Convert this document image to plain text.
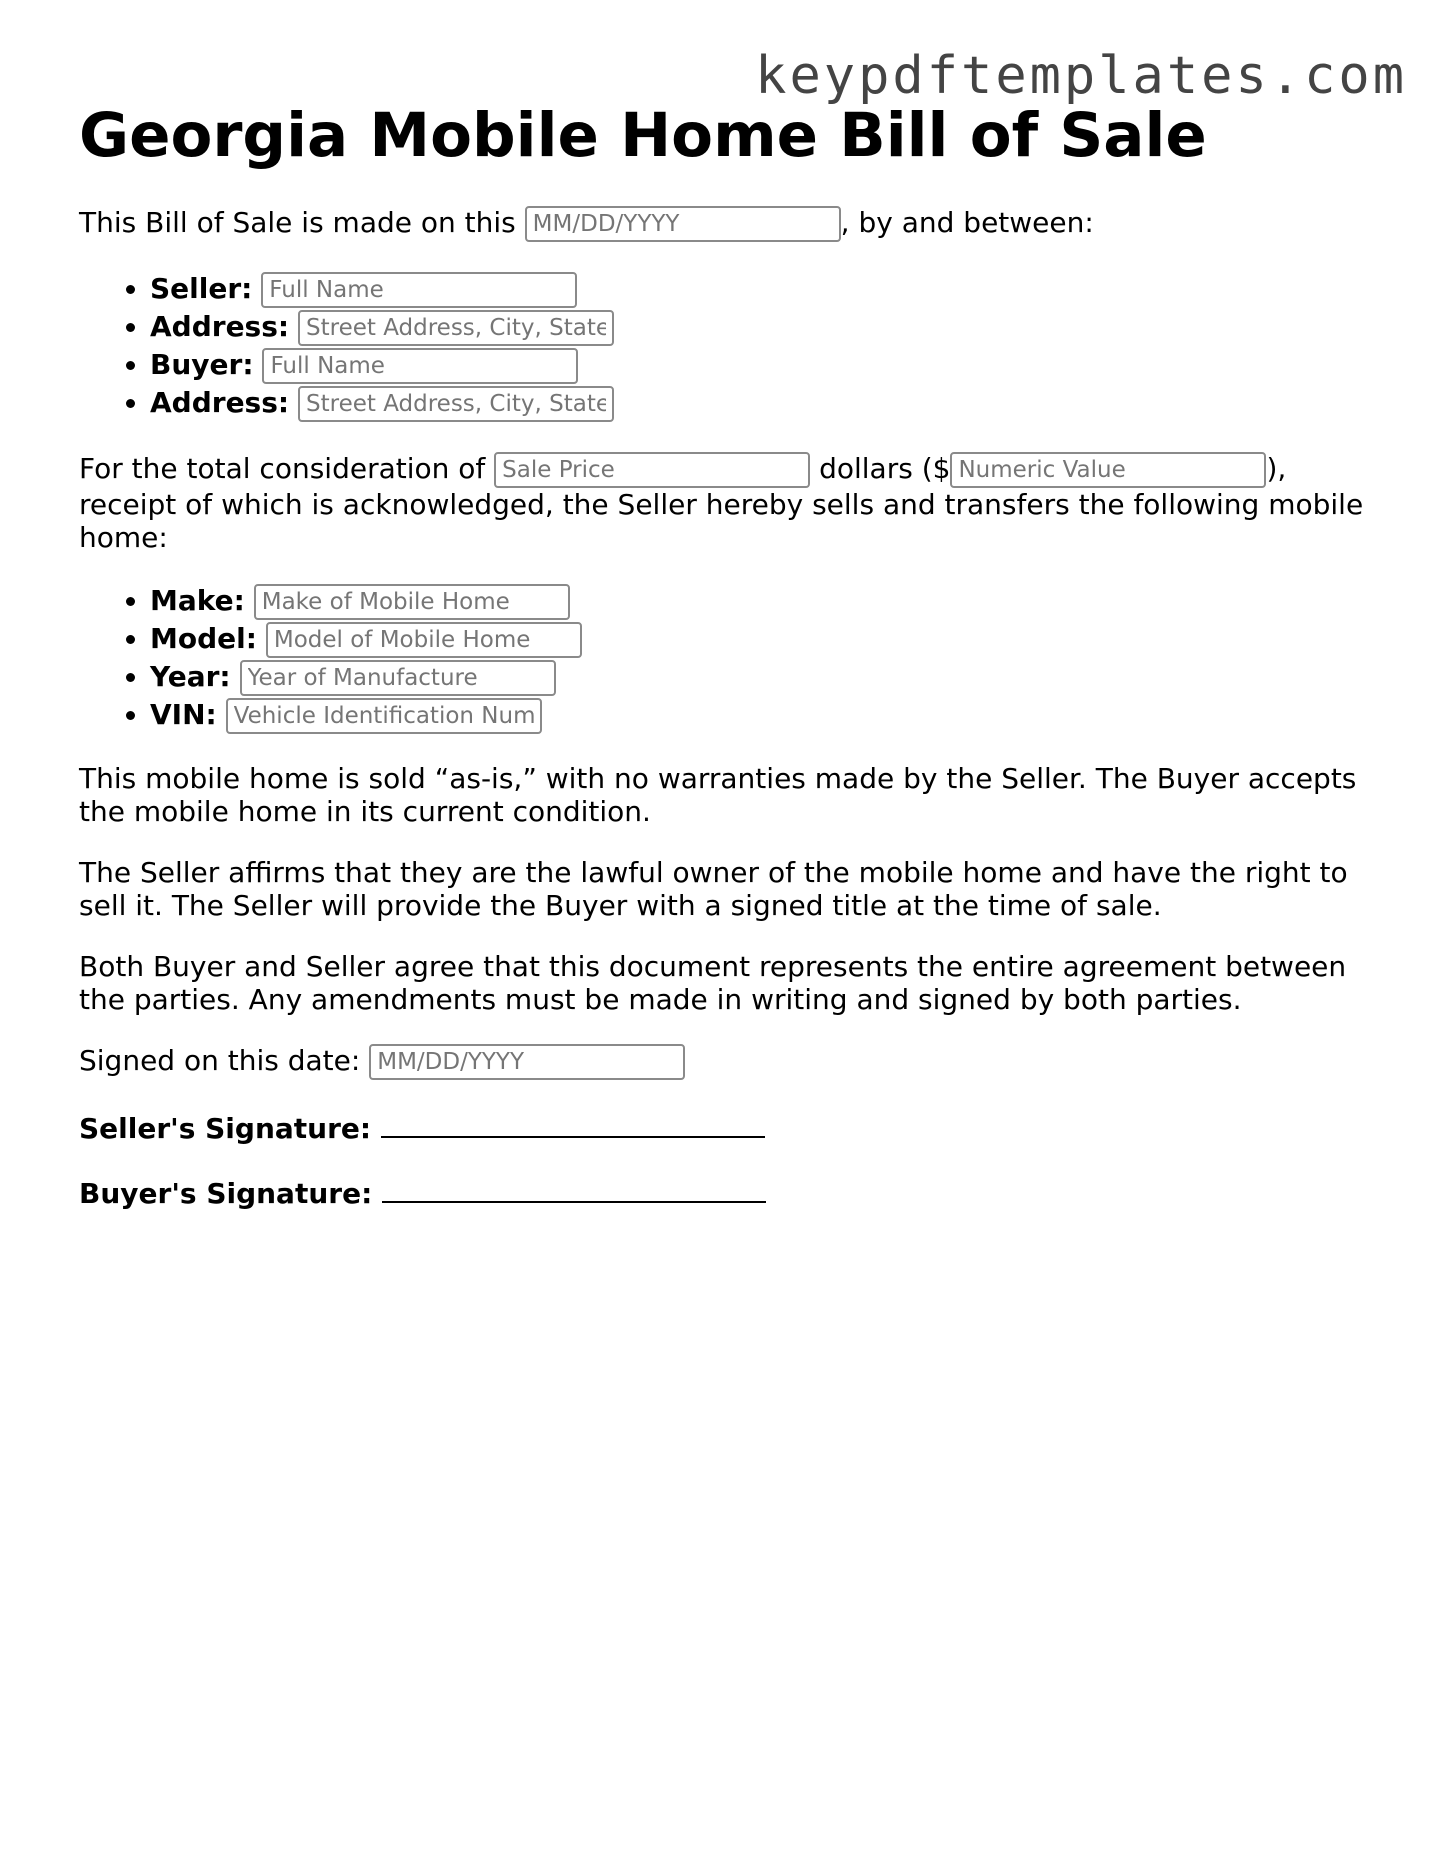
keypdftemplates.com
Georgia Mobile Home Bill of Sale

This Bill of Sale is made on this MM/DD/YYYY	, by and between:

• Seller: Full Name
• Address: Street Address, City, State
• Buyer: Full Name
• Address: Street Address, City, State

For the total consideration of Sale Price	dollars ($Numeric Value	), receipt of which is acknowledged, the Seller hereby sells and transfers the following mobile home:

• Make: Make of Mobile Home
• Model: Model of Mobile Home
• Year: Year of Manufacture
• VIN: Vehicle Identification Num

This mobile home is sold “as-is,” with no warranties made by the Seller. The Buyer accepts the mobile home in its current condition.

The Seller affirms that they are the lawful owner of the mobile home and have the right to sell it. The Seller will provide the Buyer with a signed title at the time of sale.

Both Buyer and Seller agree that this document represents the entire agreement between the parties. Any amendments must be made in writing and signed by both parties.

Signed on this date: MM/DD/YYYY

Seller's Signature:
Buyer's Signature:
